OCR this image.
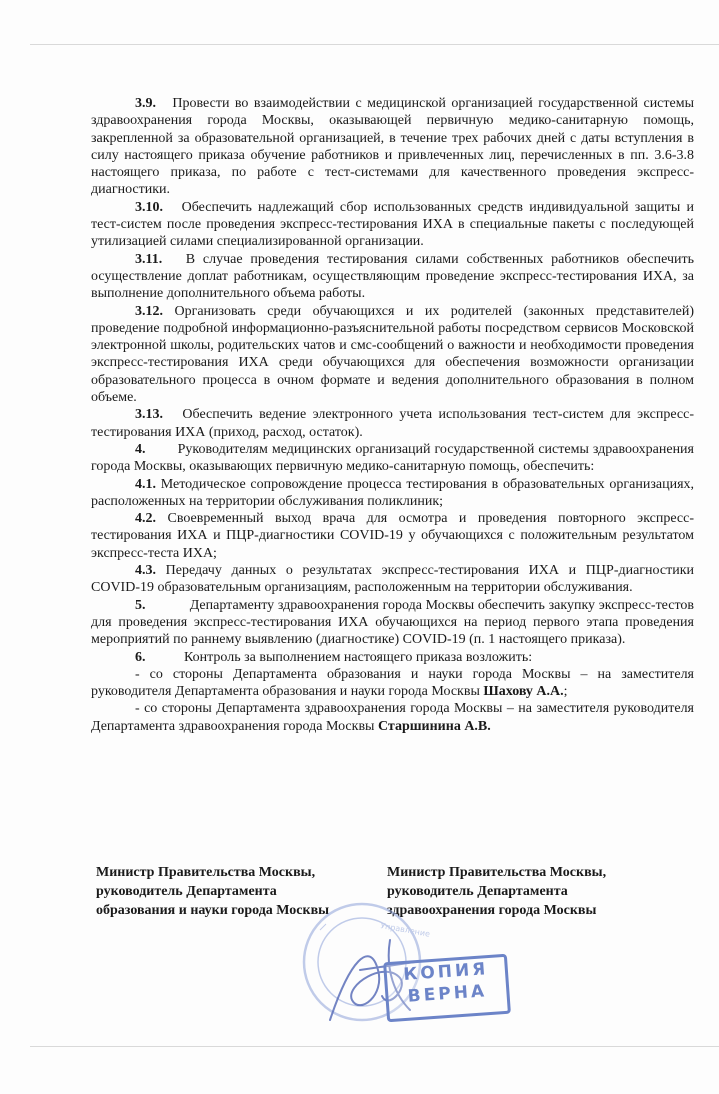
3.9. Провести во взаимодействии с медицинской организацией государственной системы здравоохранения города Москвы, оказывающей первичную медико-санитарную помощь, закрепленной за образовательной организацией, в течение трех рабочих дней с даты вступления в силу настоящего приказа обучение работников и привлеченных лиц, перечисленных в пп. 3.6-3.8 настоящего приказа, по работе с тест-системами для качественного проведения экспресс-диагностики.

3.10. Обеспечить надлежащий сбор использованных средств индивидуальной защиты и тест-систем после проведения экспресс-тестирования ИХА в специальные пакеты с последующей утилизацией силами специализированной организации.

3.11. В случае проведения тестирования силами собственных работников обеспечить осуществление доплат работникам, осуществляющим проведение экспресс-тестирования ИХА, за выполнение дополнительного объема работы.

3.12. Организовать среди обучающихся и их родителей (законных представителей) проведение подробной информационно-разъяснительной работы посредством сервисов Московской электронной школы, родительских чатов и смс-сообщений о важности и необходимости проведения экспресс-тестирования ИХА среди обучающихся для обеспечения возможности организации образовательного процесса в очном формате и ведения дополнительного образования в полном объеме.

3.13. Обеспечить ведение электронного учета использования тест-систем для экспресс-тестирования ИХА (приход, расход, остаток).

4. Руководителям медицинских организаций государственной системы здравоохранения города Москвы, оказывающих первичную медико-санитарную помощь, обеспечить:

4.1. Методическое сопровождение процесса тестирования в образовательных организациях, расположенных на территории обслуживания поликлиник;

4.2. Своевременный выход врача для осмотра и проведения повторного экспресс-тестирования ИХА и ПЦР-диагностики COVID-19 у обучающихся с положительным результатом экспресс-теста ИХА;

4.3. Передачу данных о результатах экспресс-тестирования ИХА и ПЦР-диагностики COVID-19 образовательным организациям, расположенным на территории обслуживания.

5.	Департаменту здравоохранения города Москвы обеспечить закупку экспресс-тестов для проведения экспресс-тестирования ИХА обучающихся на период первого этапа проведения мероприятий по раннему выявлению (диагностике) COVID-19 (п. 1 настоящего приказа).

6.	Контроль за выполнением настоящего приказа возложить:

- со стороны Департамента образования и науки города Москвы – на заместителя руководителя Департамента образования и науки города Москвы Шахову А.А.;

- со стороны Департамента здравоохранения города Москвы – на заместителя руководителя Департамента здравоохранения города Москвы Старшинина А.В.

Министр Правительства Москвы,
руководитель Департамента
образования и науки города Москвы
Министр Правительства Москвы,
руководитель Департамента
здравоохранения города Москвы
Управление
КОПИЯ
ВЕРНА
